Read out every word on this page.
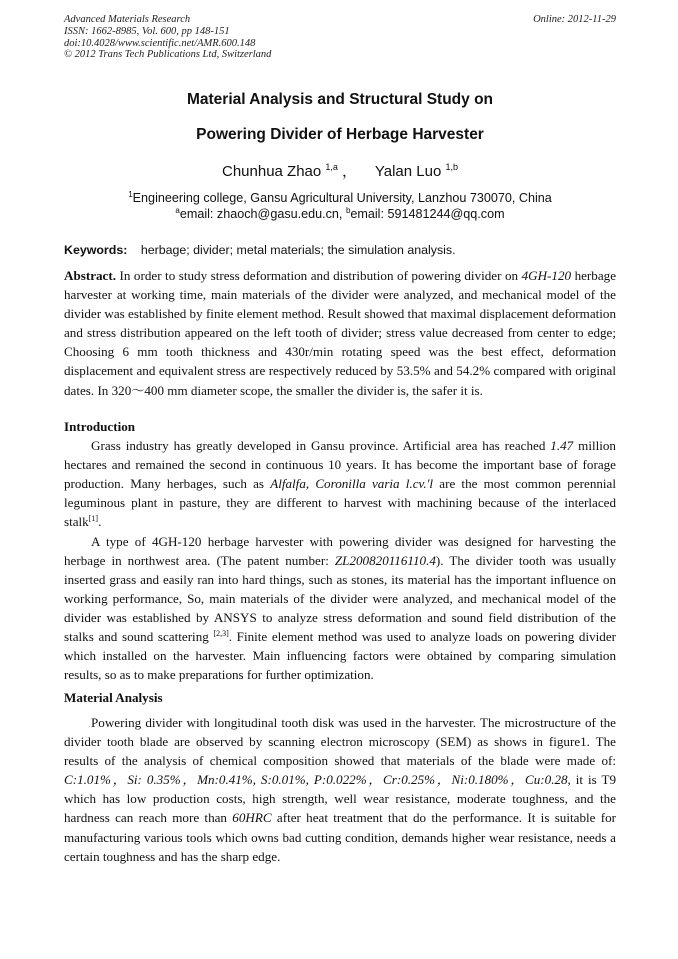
Advanced Materials Research
ISSN: 1662-8985, Vol. 600, pp 148-151
doi:10.4028/www.scientific.net/AMR.600.148
© 2012 Trans Tech Publications Ltd, Switzerland
Online: 2012-11-29
Material Analysis and Structural Study on
Powering Divider of Herbage Harvester
Chunhua Zhao $^{1,a}$ ， Yalan Luo $^{1,b}$
$^1$Engineering college, Gansu Agricultural University, Lanzhou 730070, China
$^a$email: zhaoch@gasu.edu.cn, $^b$email: 591481244@qq.com
Keywords: herbage; divider; metal materials; the simulation analysis.

Abstract. In order to study stress deformation and distribution of powering divider on 4GH-120 herbage harvester at working time, main materials of the divider were analyzed, and mechanical model of the divider was established by finite element method. Result showed that maximal displacement deformation and stress distribution appeared on the left tooth of divider; stress value decreased from center to edge; Choosing 6 mm tooth thickness and 430r/min rotating speed was the best effect, deformation displacement and equivalent stress are respectively reduced by 53.5% and 54.2% compared with original dates. In 320～400 mm diameter scope, the smaller the divider is, the safer it is.

Introduction

Grass industry has greatly developed in Gansu province. Artificial area has reached 1.47 million hectares and remained the second in continuous 10 years. It has become the important base of forage production. Many herbages, such as Alfalfa, Coronilla varia l.cv.'l are the most common perennial leguminous plant in pasture, they are different to harvest with machining because of the interlaced stalk[1].

A type of 4GH-120 herbage harvester with powering divider was designed for harvesting the herbage in northwest area. (The patent number: ZL200820116110.4). The divider tooth was usually inserted grass and easily ran into hard things, such as stones, its material has the important influence on working performance, So, main materials of the divider were analyzed, and mechanical model of the divider was established by ANSYS to analyze stress deformation and sound field distribution of the stalks and sound scattering [2,3]. Finite element method was used to analyze loads on powering divider which installed on the harvester. Main influencing factors were obtained by comparing simulation results, so as to make preparations for further optimization.

Material Analysis

Powering divider with longitudinal tooth disk was used in the harvester. The microstructure of the divider tooth blade are observed by scanning electron microscopy (SEM) as shows in figure1. The results of the analysis of chemical composition showed that materials of the blade were made of: C:1.01%，Si: 0.35%，Mn:0.41%, S:0.01%, P:0.022%，Cr:0.25%，Ni:0.180%，Cu:0.28, it is T9 which has low production costs, high strength, well wear resistance, moderate toughness, and the hardness can reach more than 60HRC after heat treatment that do the performance. It is suitable for manufacturing various tools which owns bad cutting condition, demands higher wear resistance, needs a certain toughness and has the sharp edge.
